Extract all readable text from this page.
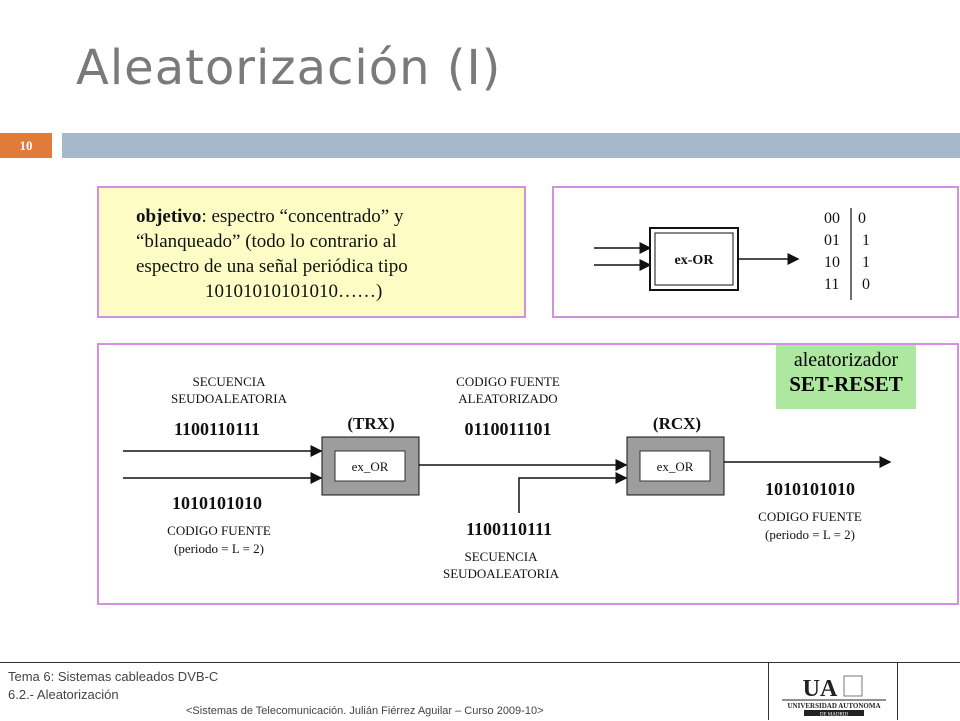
Aleatorización (I)
10
objetivo: espectro “concentrado” y
“blanqueado” (todo lo contrario al
espectro de una señal periódica tipo
10101010101010……)
ex-OR
00
01
10
11
0
1
1
0
SECUENCIA
SEUDOALEATORIA
1100110111
1010101010
CODIGO FUENTE
(periodo = L = 2)
(TRX)
ex_OR
CODIGO FUENTE
ALEATORIZADO
0110011101
1100110111
SECUENCIA
SEUDOALEATORIA
(RCX)
ex_OR
1010101010
CODIGO FUENTE
(periodo = L = 2)
aleatorizador
SET-RESET
Tema 6: Sistemas cableados DVB-C
6.2.- Aleatorización
<Sistemas de Telecomunicación. Julián Fiérrez Aguilar – Curso 2009-10>
UA
UNIVERSIDAD AUTONOMA
DE MADRID
